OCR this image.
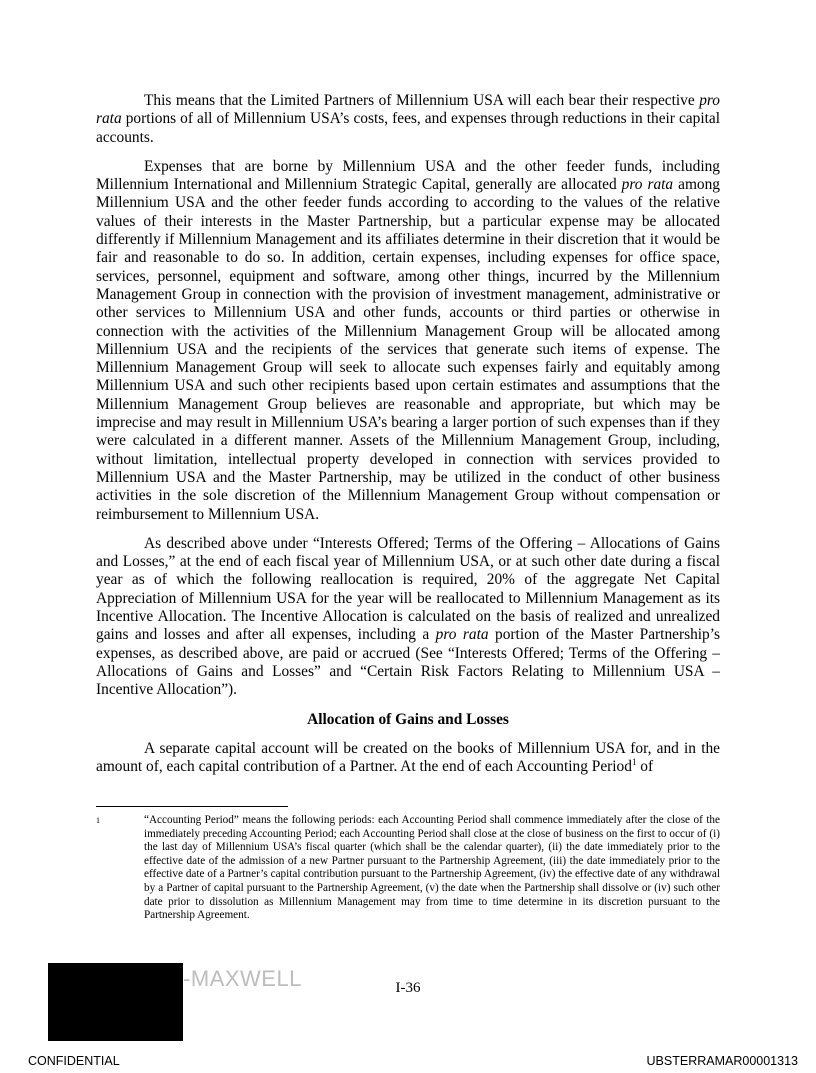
This means that the Limited Partners of Millennium USA will each bear their respective pro rata portions of all of Millennium USA’s costs, fees, and expenses through reductions in their capital accounts.

Expenses that are borne by Millennium USA and the other feeder funds, including Millennium International and Millennium Strategic Capital, generally are allocated pro rata among Millennium USA and the other feeder funds according to according to the values of the relative values of their interests in the Master Partnership, but a particular expense may be allocated differently if Millennium Management and its affiliates determine in their discretion that it would be fair and reasonable to do so. In addition, certain expenses, including expenses for office space, services, personnel, equipment and software, among other things, incurred by the Millennium Management Group in connection with the provision of investment management, administrative or other services to Millennium USA and other funds, accounts or third parties or otherwise in connection with the activities of the Millennium Management Group will be allocated among Millennium USA and the recipients of the services that generate such items of expense. The Millennium Management Group will seek to allocate such expenses fairly and equitably among Millennium USA and such other recipients based upon certain estimates and assumptions that the Millennium Management Group believes are reasonable and appropriate, but which may be imprecise and may result in Millennium USA’s bearing a larger portion of such expenses than if they were calculated in a different manner. Assets of the Millennium Management Group, including, without limitation, intellectual property developed in connection with services provided to Millennium USA and the Master Partnership, may be utilized in the conduct of other business activities in the sole discretion of the Millennium Management Group without compensation or reimbursement to Millennium USA.

As described above under “Interests Offered; Terms of the Offering – Allocations of Gains and Losses,” at the end of each fiscal year of Millennium USA, or at such other date during a fiscal year as of which the following reallocation is required, 20% of the aggregate Net Capital Appreciation of Millennium USA for the year will be reallocated to Millennium Management as its Incentive Allocation. The Incentive Allocation is calculated on the basis of realized and unrealized gains and losses and after all expenses, including a pro rata portion of the Master Partnership’s expenses, as described above, are paid or accrued (See “Interests Offered; Terms of the Offering – Allocations of Gains and Losses” and “Certain Risk Factors Relating to Millennium USA – Incentive Allocation”).

Allocation of Gains and Losses

A separate capital account will be created on the books of Millennium USA for, and in the amount of, each capital contribution of a Partner. At the end of each Accounting Period$^1$ of

1	“Accounting Period” means the following periods: each Accounting Period shall commence immediately after the close of the immediately preceding Accounting Period; each Accounting Period shall close at the close of business on the first to occur of (i) the last day of Millennium USA’s fiscal quarter (which shall be the calendar quarter), (ii) the date immediately prior to the effective date of the admission of a new Partner pursuant to the Partnership Agreement, (iii) the date immediately prior to the effective date of a Partner’s capital contribution pursuant to the Partnership Agreement, (iv) the effective date of any withdrawal by a Partner of capital pursuant to the Partnership Agreement, (v) the date when the Partnership shall dissolve or (iv) such other date prior to dissolution as Millennium Management may from time to time determine in its discretion pursuant to the Partnership Agreement.
-MAXWELL	I-36
CONFIDENTIAL	UBSTERRAMAR00001313
